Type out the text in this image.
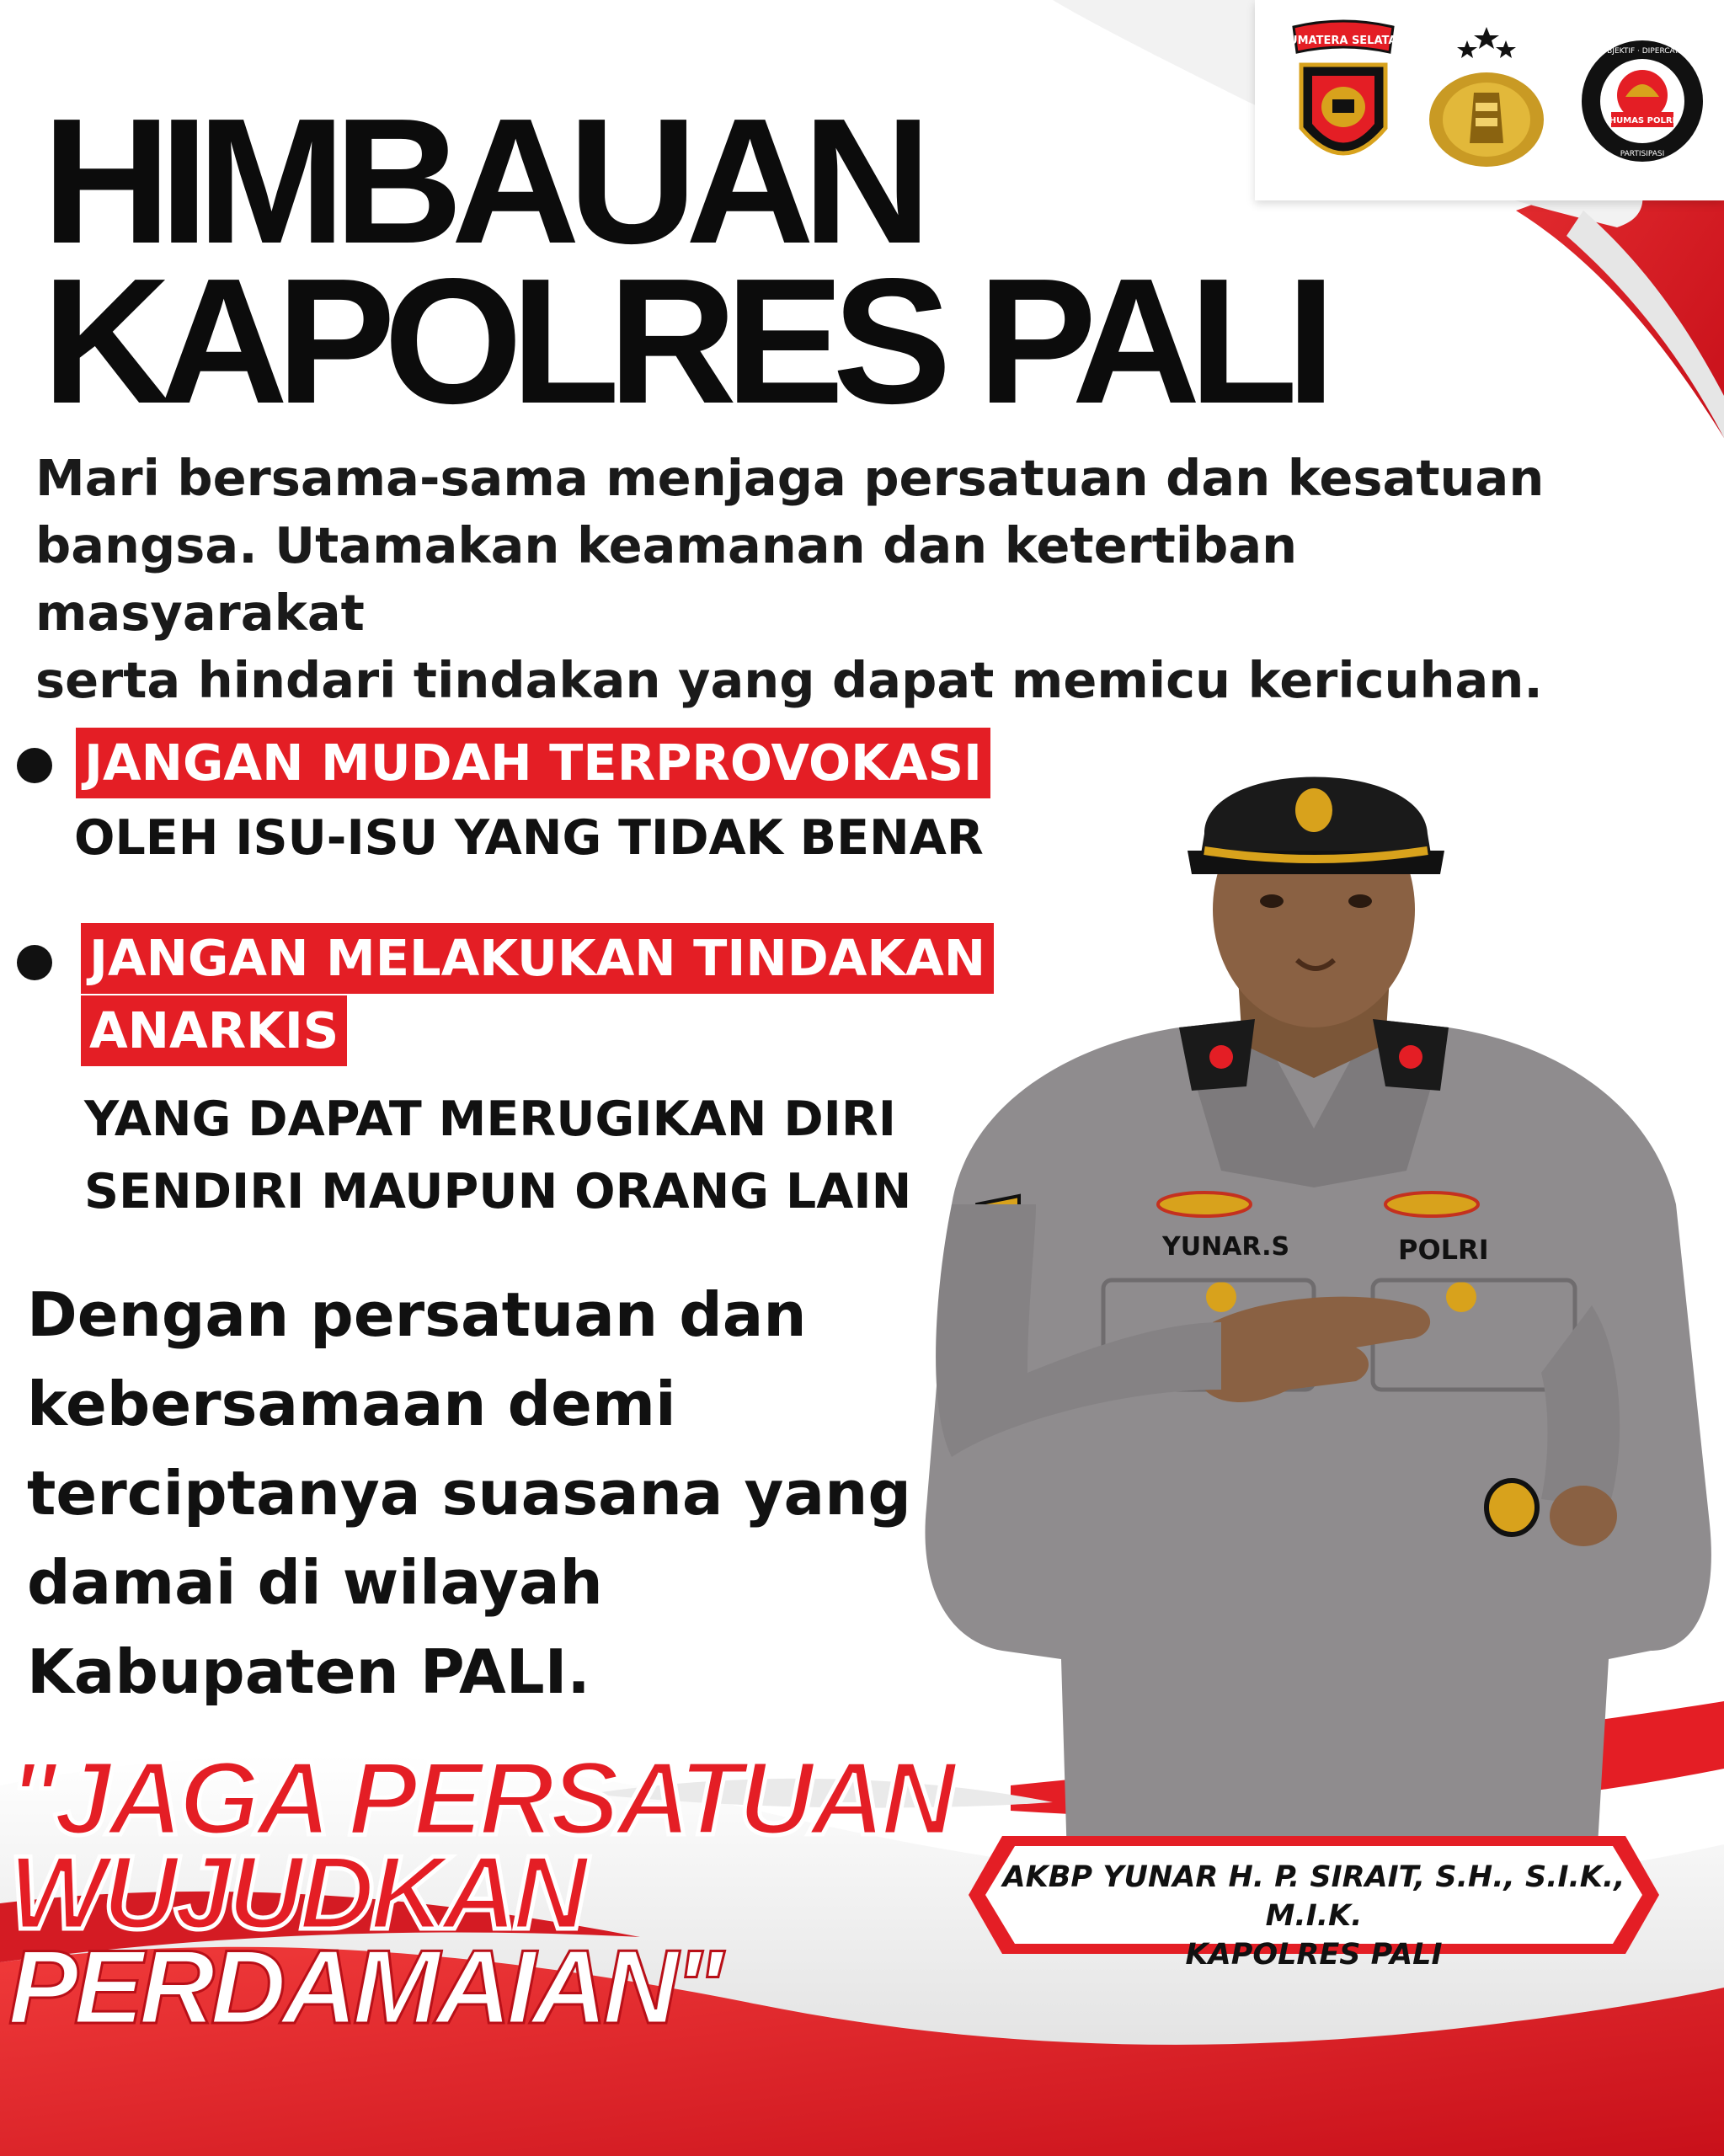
SUMATERA SELATAN
HUMAS POLRI
OBJEKTIF · DIPERCAYA
PARTISIPASI
HIMBAUAN
KAPOLRES PALI

Mari bersama-sama menjaga persatuan dan kesatuan
bangsa. Utamakan keamanan dan ketertiban masyarakat
serta hindari tindakan yang dapat memicu kericuhan.

JANGAN MUDAH TERPROVOKASI
OLEH ISU-ISU YANG TIDAK BENAR
JANGAN MELAKUKAN TINDAKAN
ANARKIS
YANG DAPAT MERUGIKAN DIRI
SENDIRI MAUPUN ORANG LAIN

Dengan persatuan dan
kebersamaan demi
terciptanya suasana yang
damai di wilayah
Kabupaten PALI.

YUNAR.S	POLRI
"JAGA PERSATUAN
WUJUDKAN
PERDAMAIAN"
AKBP YUNAR H. P. SIRAIT, S.H., S.I.K., M.I.K.
KAPOLRES PALI
